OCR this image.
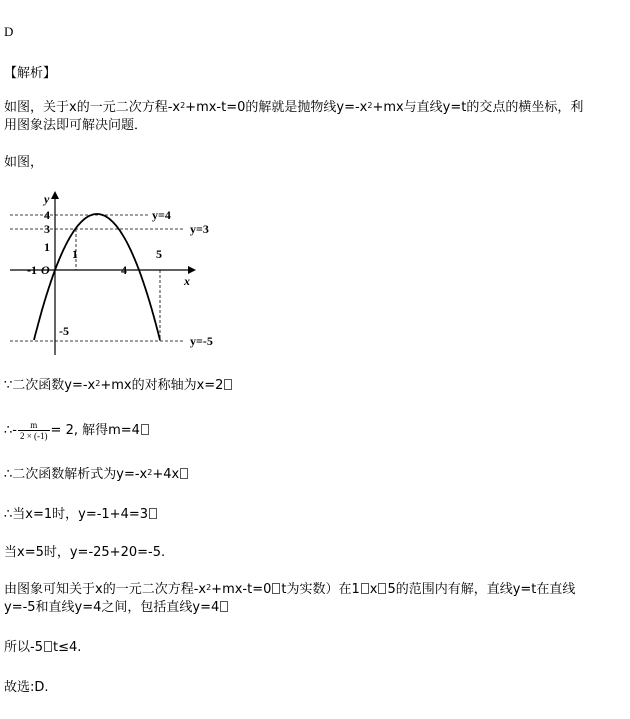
D
【解析】
如图，关于x的一元二次方程$-x^2+mx-t=0$的解就是抛物线$y=-x^2+mx$与直线y=t的交点的横坐标，利
用图象法即可解决问题．
如图，
y
x
O
-1
1
4
5
4
3
1
-5
y=4
y=3
y=-5
∵二次函数$y=-x^2+mx$的对称轴为x=2
∴- $\frac{m}{2 \times (-1)} = 2$, 解得m=4
∴二次函数解析式为$y=-x^2+4x$
∴当x=1时，y=-1+4=3
当x=5时，y=-25+20=-5.
由图象可知关于x的一元二次方程$-x^2+mx-t=0$ t为实数）在1 x 5的范围内有解，直线y=t在直线
y=-5和直线y=4之间，包括直线y=4
所以-5 t≤4.
故选:D.
